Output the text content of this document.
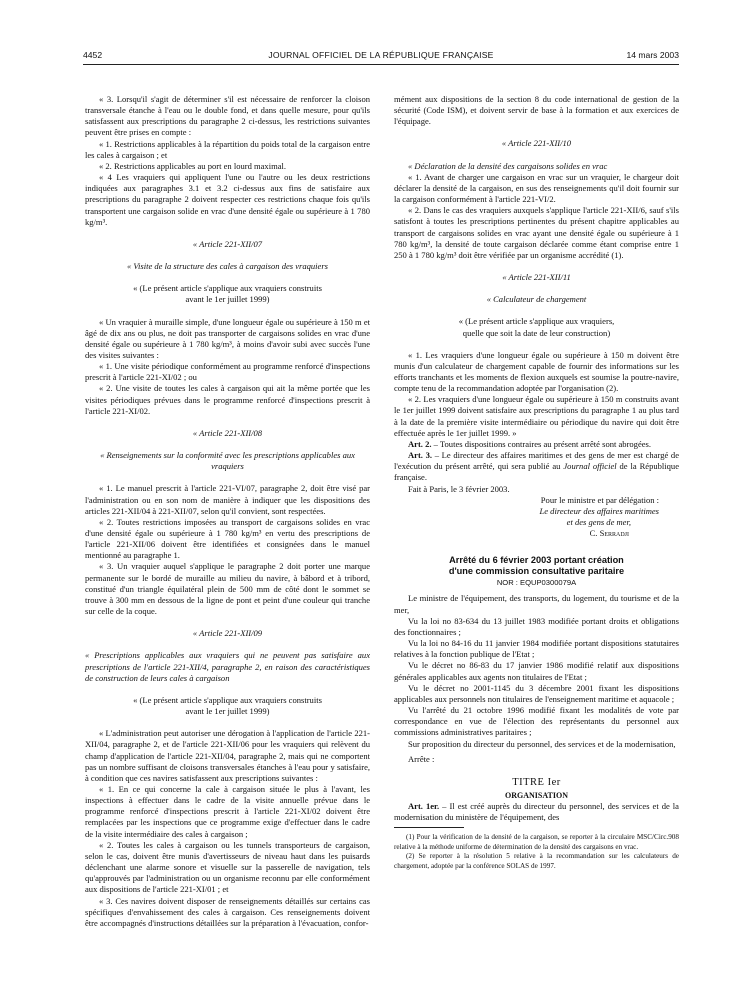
4452	JOURNAL OFFICIEL DE LA RÉPUBLIQUE FRANÇAISE	14 mars 2003

« 3. Lorsqu'il s'agit de déterminer s'il est nécessaire de renforcer la cloison transversale étanche à l'eau ou le double fond, et dans quelle mesure, pour qu'ils satisfassent aux prescriptions du paragraphe 2 ci-dessus, les restrictions suivantes peuvent être prises en compte :

« 1. Restrictions applicables à la répartition du poids total de la cargaison entre les cales à cargaison ; et

« 2. Restrictions applicables au port en lourd maximal.

« 4 Les vraquiers qui appliquent l'une ou l'autre ou les deux restrictions indiquées aux paragraphes 3.1 et 3.2 ci-dessus aux fins de satisfaire aux prescriptions du paragraphe 2 doivent respecter ces restrictions chaque fois qu'ils transportent une cargaison solide en vrac d'une densité égale ou supérieure à 1 780 kg/m³.

« Article 221-XII/07

« Visite de la structure des cales à cargaison des vraquiers

« (Le présent article s'applique aux vraquiers construits

avant le 1er juillet 1999)

« Un vraquier à muraille simple, d'une longueur égale ou supérieure à 150 m et âgé de dix ans ou plus, ne doit pas transporter de cargaisons solides en vrac d'une densité égale ou supérieure à 1 780 kg/m³, à moins d'avoir subi avec succès l'une des visites suivantes :

« 1. Une visite périodique conformément au programme renforcé d'inspections prescrit à l'article 221-XI/02 ; ou

« 2. Une visite de toutes les cales à cargaison qui ait la même portée que les visites périodiques prévues dans le programme renforcé d'inspections prescrit à l'article 221-XI/02.

« Article 221-XII/08

« Renseignements sur la conformité avec les prescriptions applicables aux vraquiers

« 1. Le manuel prescrit à l'article 221-VI/07, paragraphe 2, doit être visé par l'administration ou en son nom de manière à indiquer que les dispositions des articles 221-XII/04 à 221-XII/07, selon qu'il convient, sont respectées.

« 2. Toutes restrictions imposées au transport de cargaisons solides en vrac d'une densité égale ou supérieure à 1 780 kg/m³ en vertu des prescriptions de l'article 221-XII/06 doivent être identifiées et consignées dans le manuel mentionné au paragraphe 1.

« 3. Un vraquier auquel s'applique le paragraphe 2 doit porter une marque permanente sur le bordé de muraille au milieu du navire, à bâbord et à tribord, constitué d'un triangle équilatéral plein de 500 mm de côté dont le sommet se trouve à 300 mm en dessous de la ligne de pont et peint d'une couleur qui tranche sur celle de la coque.

« Article 221-XII/09

« Prescriptions applicables aux vraquiers qui ne peuvent pas satisfaire aux prescriptions de l'article 221-XII/4, paragraphe 2, en raison des caractéristiques de construction de leurs cales à cargaison

« (Le présent article s'applique aux vraquiers construits

avant le 1er juillet 1999)

« L'administration peut autoriser une dérogation à l'application de l'article 221-XII/04, paragraphe 2, et de l'article 221-XII/06 pour les vraquiers qui relèvent du champ d'application de l'article 221-XII/04, paragraphe 2, mais qui ne comportent pas un nombre suffisant de cloisons transversales étanches à l'eau pour y satisfaire, à condition que ces navires satisfassent aux prescriptions suivantes :

« 1. En ce qui concerne la cale à cargaison située le plus à l'avant, les inspections à effectuer dans le cadre de la visite annuelle prévue dans le programme renforcé d'inspections prescrit à l'article 221-XI/02 doivent être remplacées par les inspections que ce programme exige d'effectuer dans le cadre de la visite intermédiaire des cales à cargaison ;

« 2. Toutes les cales à cargaison ou les tunnels transporteurs de cargaison, selon le cas, doivent être munis d'avertisseurs de niveau haut dans les puisards déclenchant une alarme sonore et visuelle sur la passerelle de navigation, tels qu'approuvés par l'administration ou un organisme reconnu par elle conformément aux dispositions de l'article 221-XI/01 ; et

« 3. Ces navires doivent disposer de renseignements détaillés sur certains cas spécifiques d'envahissement des cales à cargaison. Ces renseignements doivent être accompagnés d'instructions détaillées sur la préparation à l'évacuation, confor-

mément aux dispositions de la section 8 du code international de gestion de la sécurité (Code ISM), et doivent servir de base à la formation et aux exercices de l'équipage.

« Article 221-XII/10

« Déclaration de la densité des cargaisons solides en vrac

« 1. Avant de charger une cargaison en vrac sur un vraquier, le chargeur doit déclarer la densité de la cargaison, en sus des renseignements qu'il doit fournir sur la cargaison conformément à l'article 221-VI/2.

« 2. Dans le cas des vraquiers auxquels s'applique l'article 221-XII/6, sauf s'ils satisfont à toutes les prescriptions pertinentes du présent chapitre applicables au transport de cargaisons solides en vrac ayant une densité égale ou supérieure à 1 780 kg/m³, la densité de toute cargaison déclarée comme étant comprise entre 1 250 à 1 780 kg/m³ doit être vérifiée par un organisme accrédité (1).

« Article 221-XII/11

« Calculateur de chargement

« (Le présent article s'applique aux vraquiers,

quelle que soit la date de leur construction)

« 1. Les vraquiers d'une longueur égale ou supérieure à 150 m doivent être munis d'un calculateur de chargement capable de fournir des informations sur les efforts tranchants et les moments de flexion auxquels est soumise la poutre-navire, compte tenu de la recommandation adoptée par l'organisation (2).

« 2. Les vraquiers d'une longueur égale ou supérieure à 150 m construits avant le 1er juillet 1999 doivent satisfaire aux prescriptions du paragraphe 1 au plus tard à la date de la première visite intermédiaire ou périodique du navire qui doit être effectuée après le 1er juillet 1999. »

Art. 2. – Toutes dispositions contraires au présent arrêté sont abrogées.

Art. 3. – Le directeur des affaires maritimes et des gens de mer est chargé de l'exécution du présent arrêté, qui sera publié au Journal officiel de la République française.

Fait à Paris, le 3 février 2003.

Pour le ministre et par délégation :

Le directeur des affaires maritimes

et des gens de mer,

C. Serradji

Arrêté du 6 février 2003 portant création

d'une commission consultative paritaire

NOR : EQUP0300079A

Le ministre de l'équipement, des transports, du logement, du tourisme et de la mer,

Vu la loi no 83-634 du 13 juillet 1983 modifiée portant droits et obligations des fonctionnaires ;

Vu la loi no 84-16 du 11 janvier 1984 modifiée portant dispositions statutaires relatives à la fonction publique de l'Etat ;

Vu le décret no 86-83 du 17 janvier 1986 modifié relatif aux dispositions générales applicables aux agents non titulaires de l'Etat ;

Vu le décret no 2001-1145 du 3 décembre 2001 fixant les dispositions applicables aux personnels non titulaires de l'enseignement maritime et aquacole ;

Vu l'arrêté du 21 octobre 1996 modifié fixant les modalités de vote par correspondance en vue de l'élection des représentants du personnel aux commissions administratives paritaires ;

Sur proposition du directeur du personnel, des services et de la modernisation,

Arrête :

TITRE Ier

ORGANISATION

Art. 1er. – Il est créé auprès du directeur du personnel, des services et de la modernisation du ministère de l'équipement, des

(1) Pour la vérification de la densité de la cargaison, se reporter à la circulaire MSC/Circ.908 relative à la méthode uniforme de détermination de la densité des cargaisons en vrac.

(2) Se reporter à la résolution 5 relative à la recommandation sur les calculateurs de chargement, adoptée par la conférence SOLAS de 1997.
